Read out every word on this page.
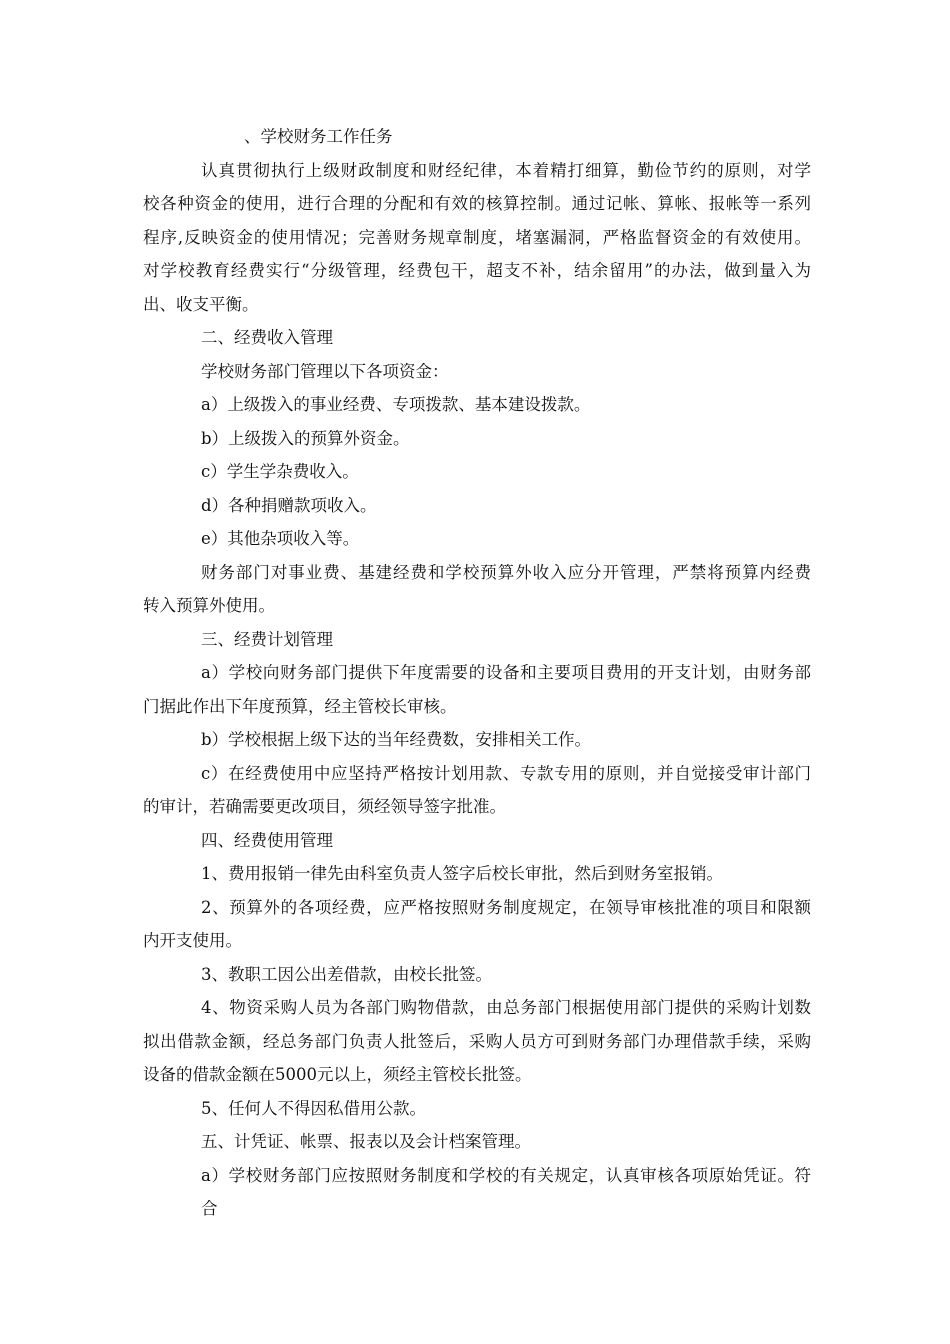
、学校财务工作任务
认真贯彻执行上级财政制度和财经纪律，本着精打细算，勤俭节约的原则，对学
校各种资金的使用，进行合理的分配和有效的核算控制。通过记帐、算帐、报帐等一系列
程序,反映资金的使用情况；完善财务规章制度，堵塞漏洞，严格监督资金的有效使用。
对学校教育经费实行“分级管理，经费包干，超支不补，结余留用”的办法，做到量入为
出、收支平衡。
二、经费收入管理
学校财务部门管理以下各项资金：
a）上级拨入的事业经费、专项拨款、基本建设拨款。
b）上级拨入的预算外资金。
c）学生学杂费收入。
d）各种捐赠款项收入。
e）其他杂项收入等。
财务部门对事业费、基建经费和学校预算外收入应分开管理，严禁将预算内经费
转入预算外使用。
三、经费计划管理
a）学校向财务部门提供下年度需要的设备和主要项目费用的开支计划，由财务部
门据此作出下年度预算，经主管校长审核。
b）学校根据上级下达的当年经费数，安排相关工作。
c）在经费使用中应坚持严格按计划用款、专款专用的原则，并自觉接受审计部门
的审计，若确需要更改项目，须经领导签字批准。
四、经费使用管理
1、费用报销一律先由科室负责人签字后校长审批，然后到财务室报销。
2、预算外的各项经费，应严格按照财务制度规定，在领导审核批准的项目和限额
内开支使用。
3、教职工因公出差借款，由校长批签。
4、物资采购人员为各部门购物借款，由总务部门根据使用部门提供的采购计划数
拟出借款金额，经总务部门负责人批签后，采购人员方可到财务部门办理借款手续，采购
设备的借款金额在5000元以上，须经主管校长批签。
5、任何人不得因私借用公款。
五、计凭证、帐票、报表以及会计档案管理。
a）学校财务部门应按照财务制度和学校的有关规定，认真审核各项原始凭证。符
合
